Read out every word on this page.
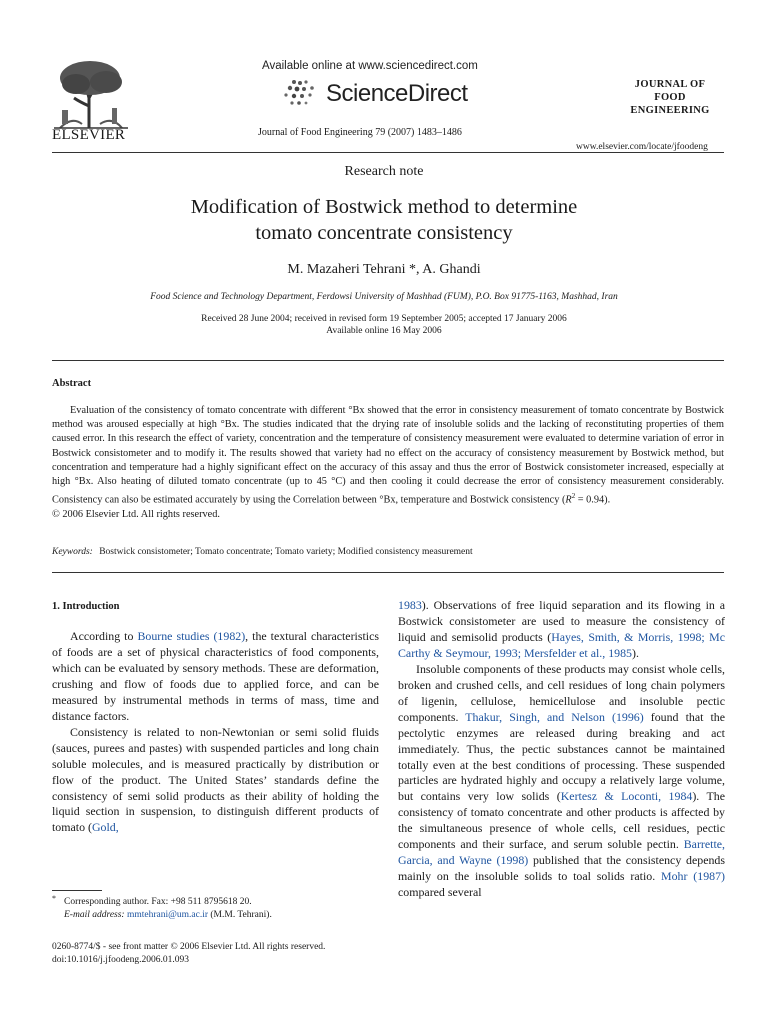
ELSEVIER
Available online at www.sciencedirect.com
ScienceDirect
Journal of Food Engineering 79 (2007) 1483–1486
JOURNAL OF
FOOD
ENGINEERING
www.elsevier.com/locate/jfoodeng
Research note
Modification of Bostwick method to determine
tomato concentrate consistency
M. Mazaheri Tehrani *, A. Ghandi
Food Science and Technology Department, Ferdowsi University of Mashhad (FUM), P.O. Box 91775-1163, Mashhad, Iran
Received 28 June 2004; received in revised form 19 September 2005; accepted 17 January 2006
Available online 16 May 2006
Abstract
Evaluation of the consistency of tomato concentrate with different °Bx showed that the error in consistency measurement of tomato concentrate by Bostwick method was aroused especially at high °Bx. The studies indicated that the drying rate of insoluble solids and the lacking of reconstituting properties of them caused error. In this research the effect of variety, concentration and the temperature of consistency measurement were evaluated to determine variation of error in Bostwick consistometer and to modify it. The results showed that variety had no effect on the accuracy of consistency measurement by Bostwick method, but concentration and temperature had a highly significant effect on the accuracy of this assay and thus the error of Bostwick consistometer increased, especially at high °Bx. Also heating of diluted tomato concentrate (up to 45 °C) and then cooling it could decrease the error of consistency measurement considerably. Consistency can also be estimated accurately by using the Correlation between °Bx, temperature and Bostwick consistency $(R^2 = 0.94)$.
© 2006 Elsevier Ltd. All rights reserved.
Keywords: Bostwick consistometer; Tomato concentrate; Tomato variety; Modified consistency measurement
1. Introduction

According to Bourne studies (1982), the textural characteristics of foods are a set of physical characteristics of food components, which can be evaluated by sensory methods. These are deformation, crushing and flow of foods due to applied force, and can be measured by instrumental methods in terms of mass, time and distance factors.

Consistency is related to non-Newtonian or semi solid fluids (sauces, purees and pastes) with suspended particles and long chain soluble molecules, and is measured practically by distribution or flow of the product. The United States’ standards define the consistency of semi solid products as their ability of holding the liquid section in suspension, to distinguish different products of tomato (Gold,

1983). Observations of free liquid separation and its flowing in a Bostwick consistometer are used to measure the consistency of liquid and semisolid products (Hayes, Smith, & Morris, 1998; Mc Carthy & Seymour, 1993; Mersfelder et al., 1985).

Insoluble components of these products may consist whole cells, broken and crushed cells, and cell residues of long chain polymers of ligenin, cellulose, hemicellulose and insoluble pectic components. Thakur, Singh, and Nelson (1996) found that the pectolytic enzymes are released during breaking and act immediately. Thus, the pectic substances cannot be maintained totally even at the best conditions of processing. These suspended particles are hydrated highly and occupy a relatively large volume, but contains very low solids (Kertesz & Loconti, 1984). The consistency of tomato concentrate and other products is affected by the simultaneous presence of whole cells, cell residues, pectic components and their surface, and serum soluble pectin. Barrette, Garcia, and Wayne (1998) published that the consistency depends mainly on the insoluble solids to toal solids ratio. Mohr (1987) compared several

* Corresponding author. Fax: +98 511 8795618 20.
E-mail address: mmtehrani@um.ac.ir (M.M. Tehrani).
0260-8774/$ - see front matter © 2006 Elsevier Ltd. All rights reserved.
doi:10.1016/j.jfoodeng.2006.01.093
